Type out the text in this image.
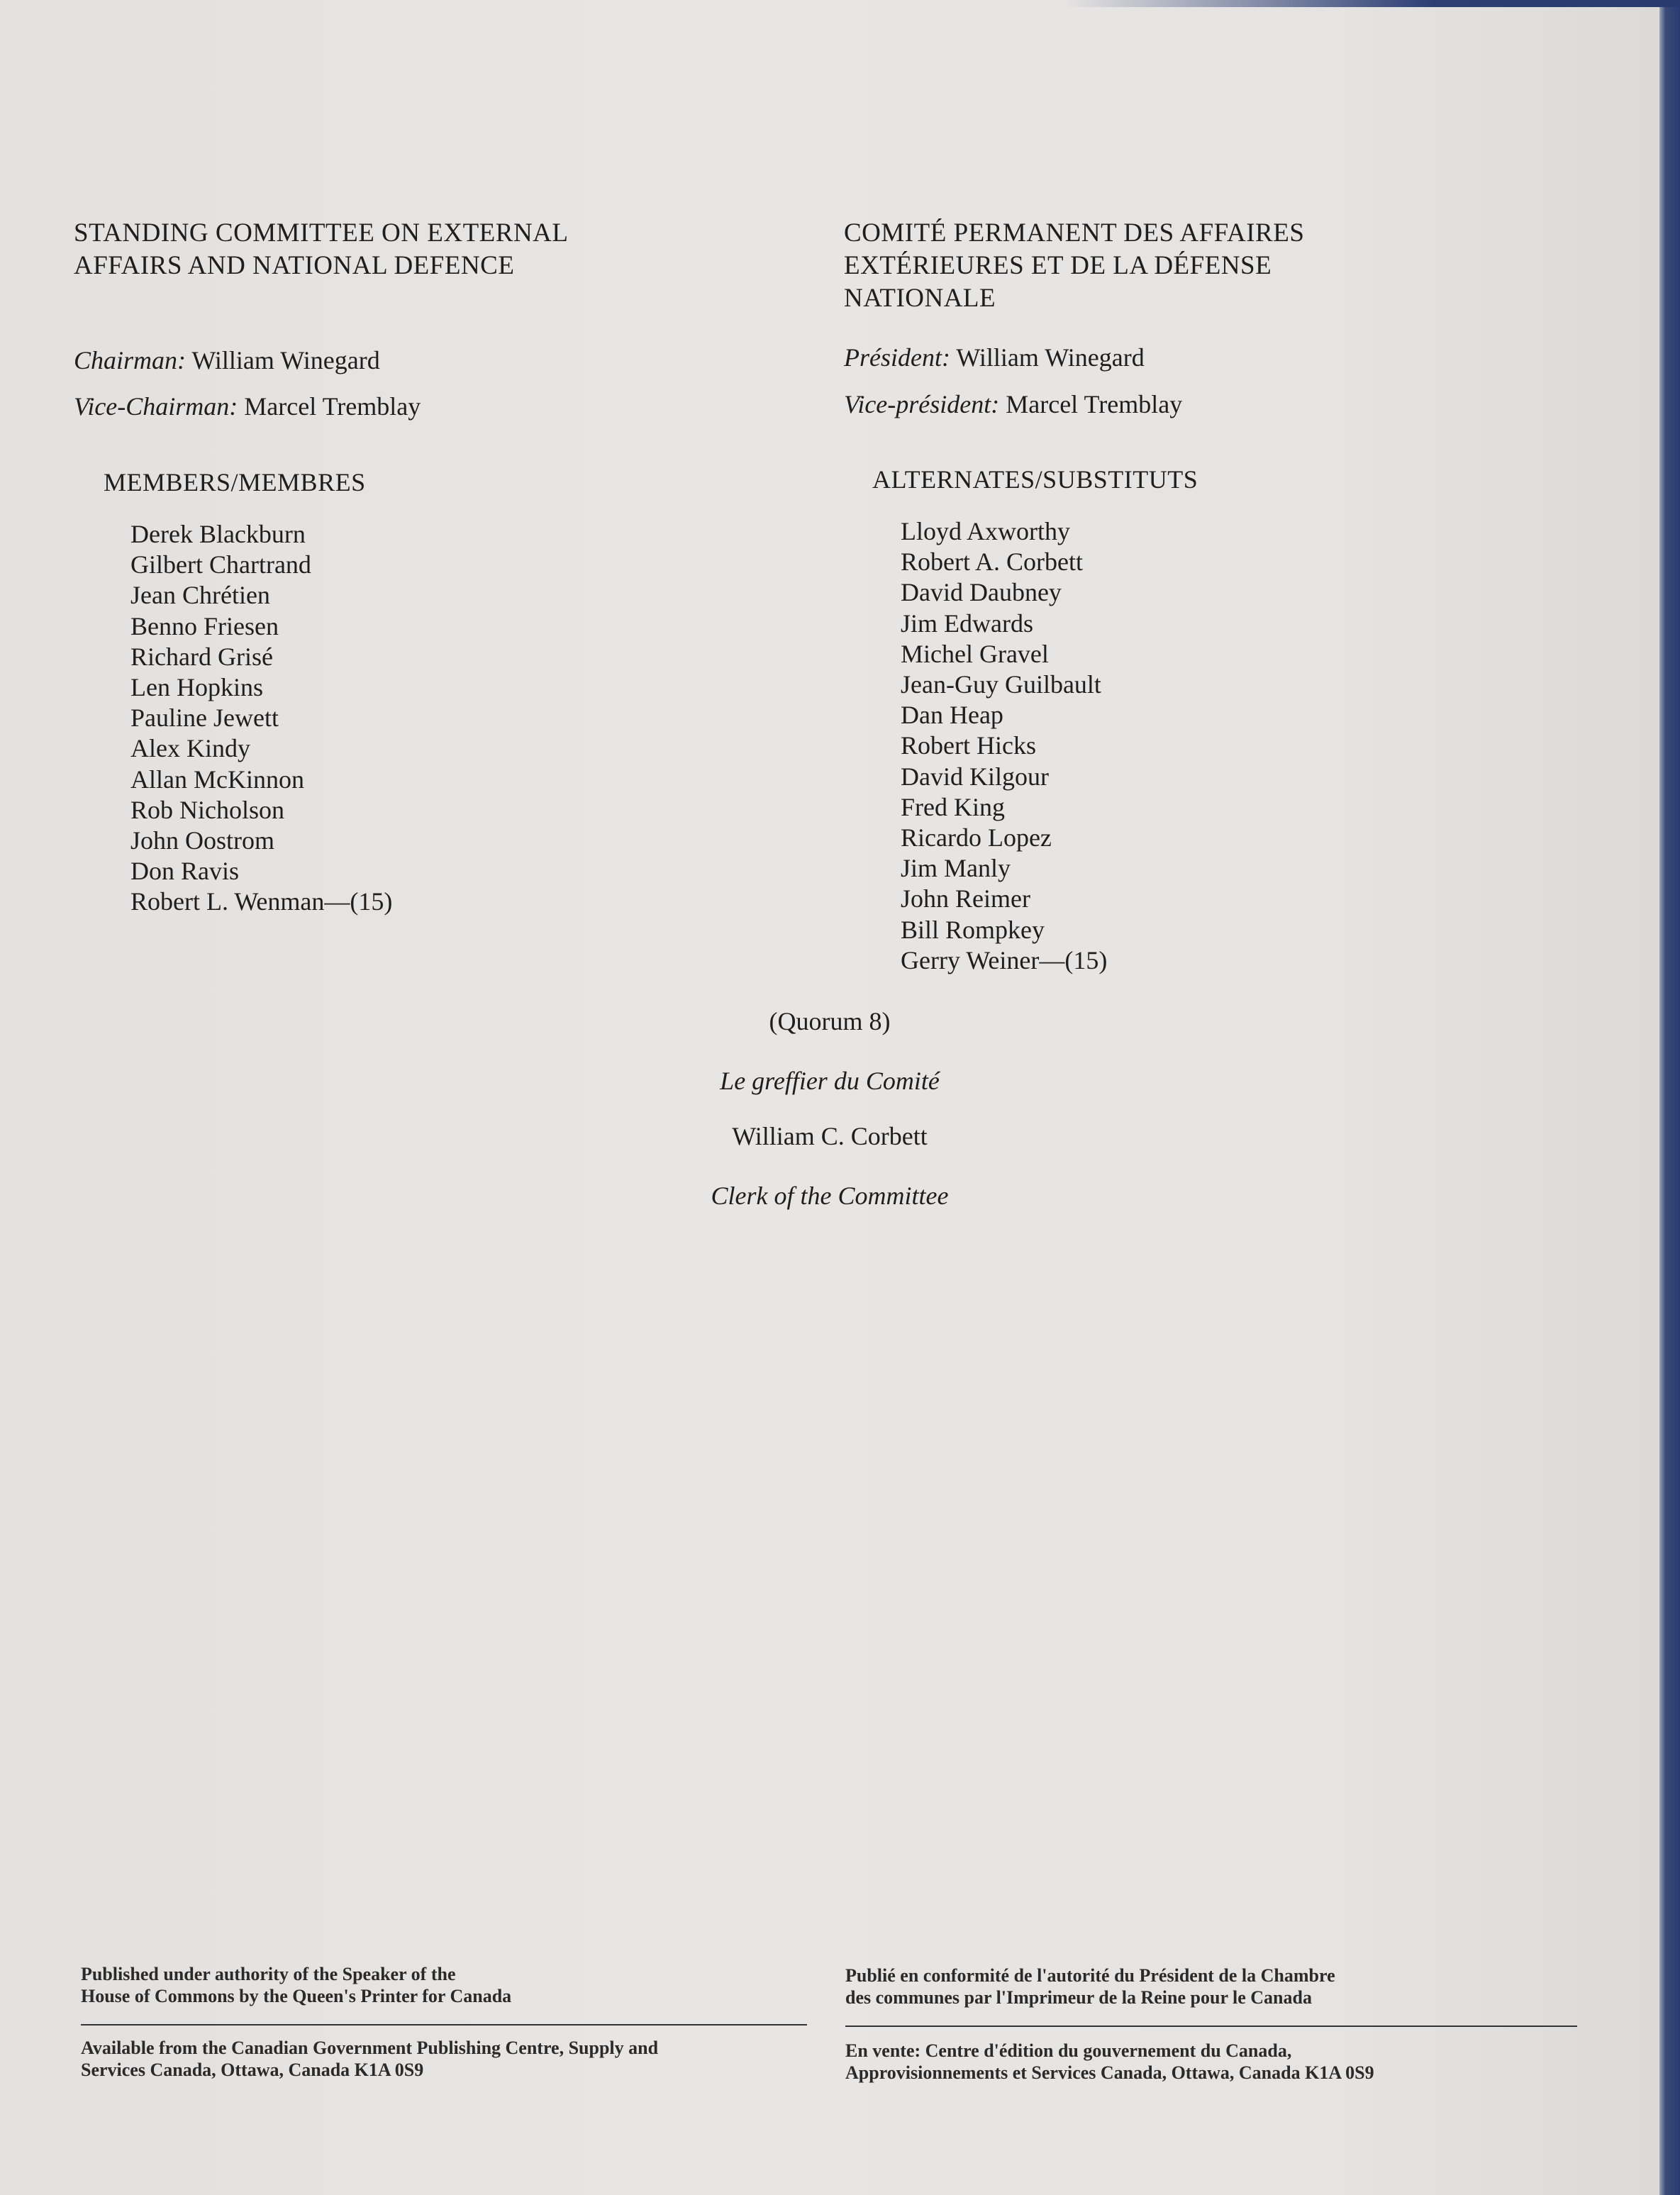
STANDING COMMITTEE ON EXTERNAL
AFFAIRS AND NATIONAL DEFENCE

Chairman: William Winegard

Vice-Chairman: Marcel Tremblay

MEMBERS/MEMBRES

Derek Blackburn
Gilbert Chartrand
Jean Chrétien
Benno Friesen
Richard Grisé
Len Hopkins
Pauline Jewett
Alex Kindy
Allan McKinnon
Rob Nicholson
John Oostrom
Don Ravis
Robert L. Wenman—(15)

COMITÉ PERMANENT DES AFFAIRES
EXTÉRIEURES ET DE LA DÉFENSE
NATIONALE

Président: William Winegard

Vice-président: Marcel Tremblay

ALTERNATES/SUBSTITUTS

Lloyd Axworthy
Robert A. Corbett
David Daubney
Jim Edwards
Michel Gravel
Jean-Guy Guilbault
Dan Heap
Robert Hicks
David Kilgour
Fred King
Ricardo Lopez
Jim Manly
John Reimer
Bill Rompkey
Gerry Weiner—(15)
(Quorum 8)
Le greffier du Comité
William C. Corbett
Clerk of the Committee
Published under authority of the Speaker of the
House of Commons by the Queen's Printer for Canada
Available from the Canadian Government Publishing Centre, Supply and
Services Canada, Ottawa, Canada K1A 0S9
Publié en conformité de l'autorité du Président de la Chambre
des communes par l'Imprimeur de la Reine pour le Canada
En vente: Centre d'édition du gouvernement du Canada,
Approvisionnements et Services Canada, Ottawa, Canada K1A 0S9
